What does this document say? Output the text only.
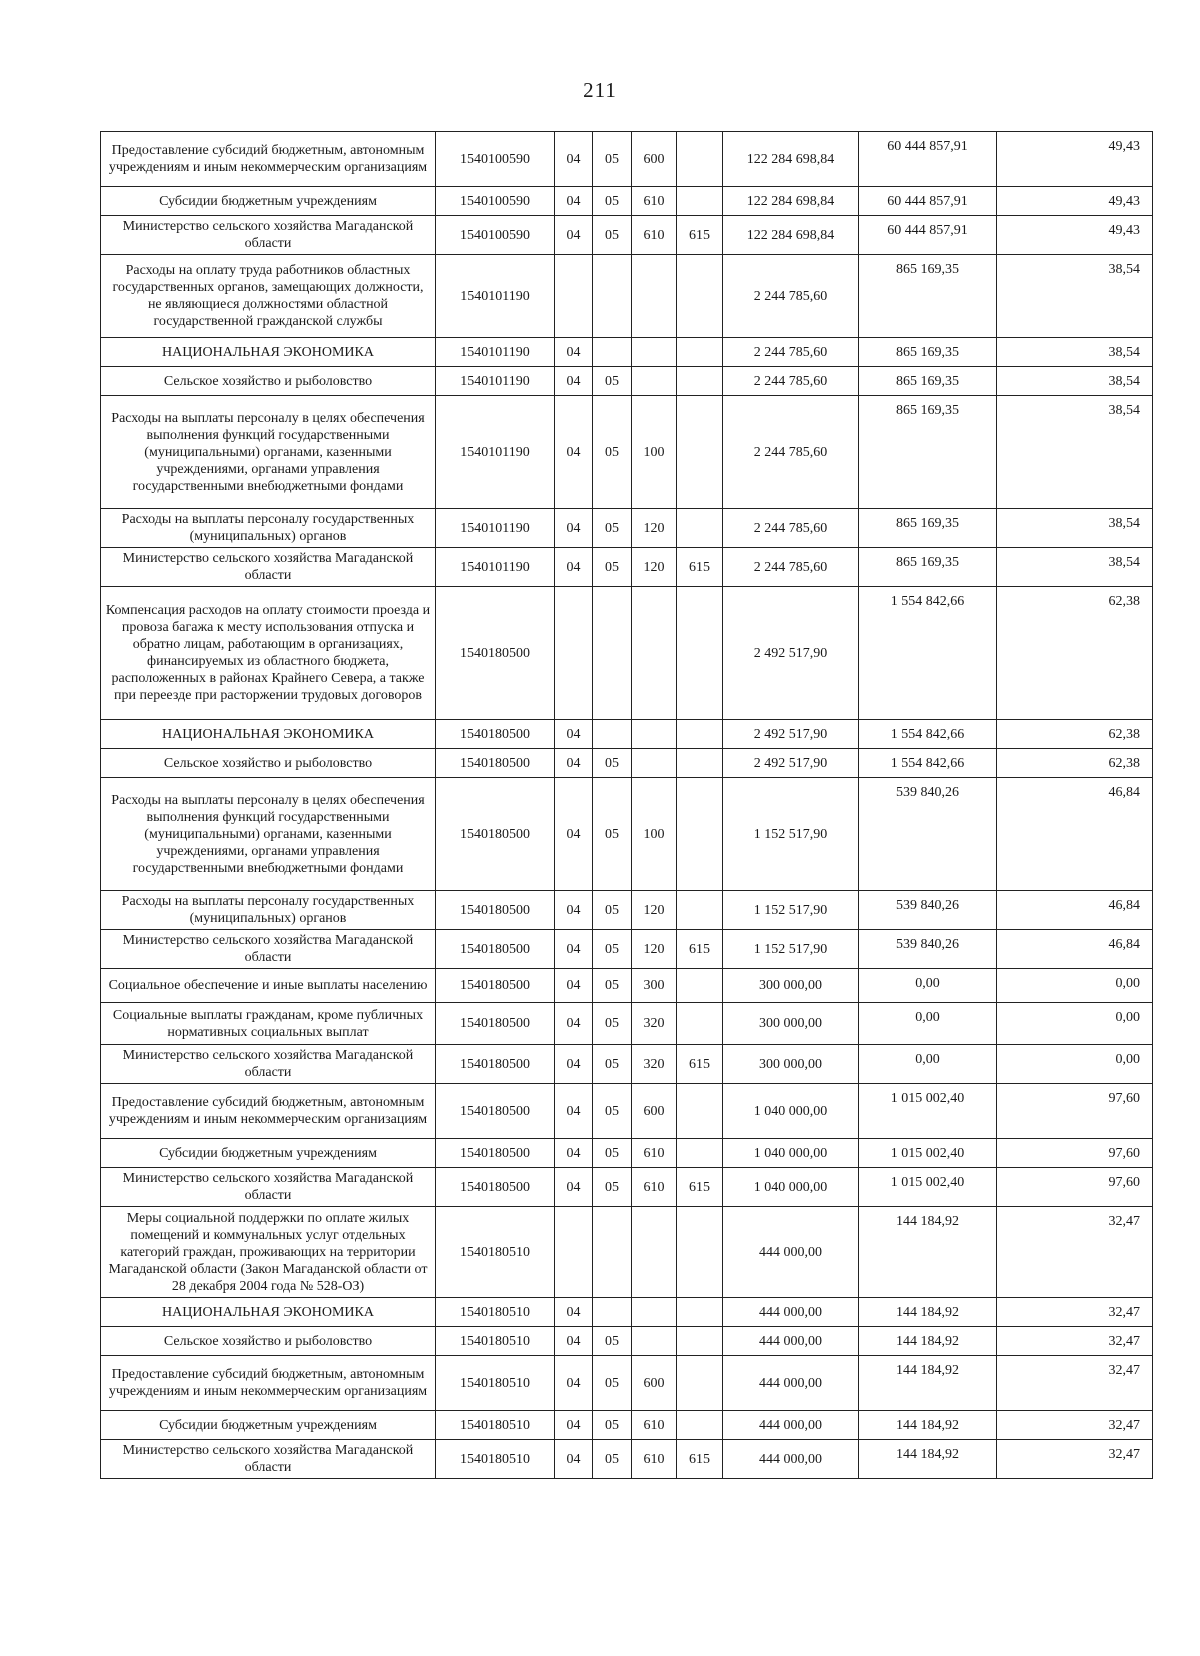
211
Предоставление субсидий бюджетным, автономным учреждениям и иным некоммерческим организациям	1540100590	04	05	600		122 284 698,84	60 444 857,91	49,43
Субсидии бюджетным учреждениям	1540100590	04	05	610		122 284 698,84	60 444 857,91	49,43
Министерство сельского хозяйства Магаданской области	1540100590	04	05	610	615	122 284 698,84	60 444 857,91	49,43
Расходы на оплату труда работников областных государственных органов, замещающих должности, не являющиеся должностями областной государственной гражданской службы	1540101190					2 244 785,60	865 169,35	38,54
НАЦИОНАЛЬНАЯ ЭКОНОМИКА	1540101190	04				2 244 785,60	865 169,35	38,54
Сельское хозяйство и рыболовство	1540101190	04	05			2 244 785,60	865 169,35	38,54
Расходы на выплаты персоналу в целях обеспечения выполнения функций государственными (муниципальными) органами, казенными учреждениями, органами управления государственными внебюджетными фондами	1540101190	04	05	100		2 244 785,60	865 169,35	38,54
Расходы на выплаты персоналу государственных (муниципальных) органов	1540101190	04	05	120		2 244 785,60	865 169,35	38,54
Министерство сельского хозяйства Магаданской области	1540101190	04	05	120	615	2 244 785,60	865 169,35	38,54
Компенсация расходов на оплату стоимости проезда и провоза багажа к месту использования отпуска и обратно лицам, работающим в организациях, финансируемых из областного бюджета, расположенных в районах Крайнего Севера, а также при переезде при расторжении трудовых договоров	1540180500					2 492 517,90	1 554 842,66	62,38
НАЦИОНАЛЬНАЯ ЭКОНОМИКА	1540180500	04				2 492 517,90	1 554 842,66	62,38
Сельское хозяйство и рыболовство	1540180500	04	05			2 492 517,90	1 554 842,66	62,38
Расходы на выплаты персоналу в целях обеспечения выполнения функций государственными (муниципальными) органами, казенными учреждениями, органами управления государственными внебюджетными фондами	1540180500	04	05	100		1 152 517,90	539 840,26	46,84
Расходы на выплаты персоналу государственных (муниципальных) органов	1540180500	04	05	120		1 152 517,90	539 840,26	46,84
Министерство сельского хозяйства Магаданской области	1540180500	04	05	120	615	1 152 517,90	539 840,26	46,84
Социальное обеспечение и иные выплаты населению	1540180500	04	05	300		300 000,00	0,00	0,00
Социальные выплаты гражданам, кроме публичных нормативных социальных выплат	1540180500	04	05	320		300 000,00	0,00	0,00
Министерство сельского хозяйства Магаданской области	1540180500	04	05	320	615	300 000,00	0,00	0,00
Предоставление субсидий бюджетным, автономным учреждениям и иным некоммерческим организациям	1540180500	04	05	600		1 040 000,00	1 015 002,40	97,60
Субсидии бюджетным учреждениям	1540180500	04	05	610		1 040 000,00	1 015 002,40	97,60
Министерство сельского хозяйства Магаданской области	1540180500	04	05	610	615	1 040 000,00	1 015 002,40	97,60
Меры социальной поддержки по оплате жилых помещений и коммунальных услуг отдельных категорий граждан, проживающих на территории Магаданской области (Закон Магаданской области от 28 декабря 2004 года № 528-ОЗ)	1540180510					444 000,00	144 184,92	32,47
НАЦИОНАЛЬНАЯ ЭКОНОМИКА	1540180510	04				444 000,00	144 184,92	32,47
Сельское хозяйство и рыболовство	1540180510	04	05			444 000,00	144 184,92	32,47
Предоставление субсидий бюджетным, автономным учреждениям и иным некоммерческим организациям	1540180510	04	05	600		444 000,00	144 184,92	32,47
Субсидии бюджетным учреждениям	1540180510	04	05	610		444 000,00	144 184,92	32,47
Министерство сельского хозяйства Магаданской области	1540180510	04	05	610	615	444 000,00	144 184,92	32,47
